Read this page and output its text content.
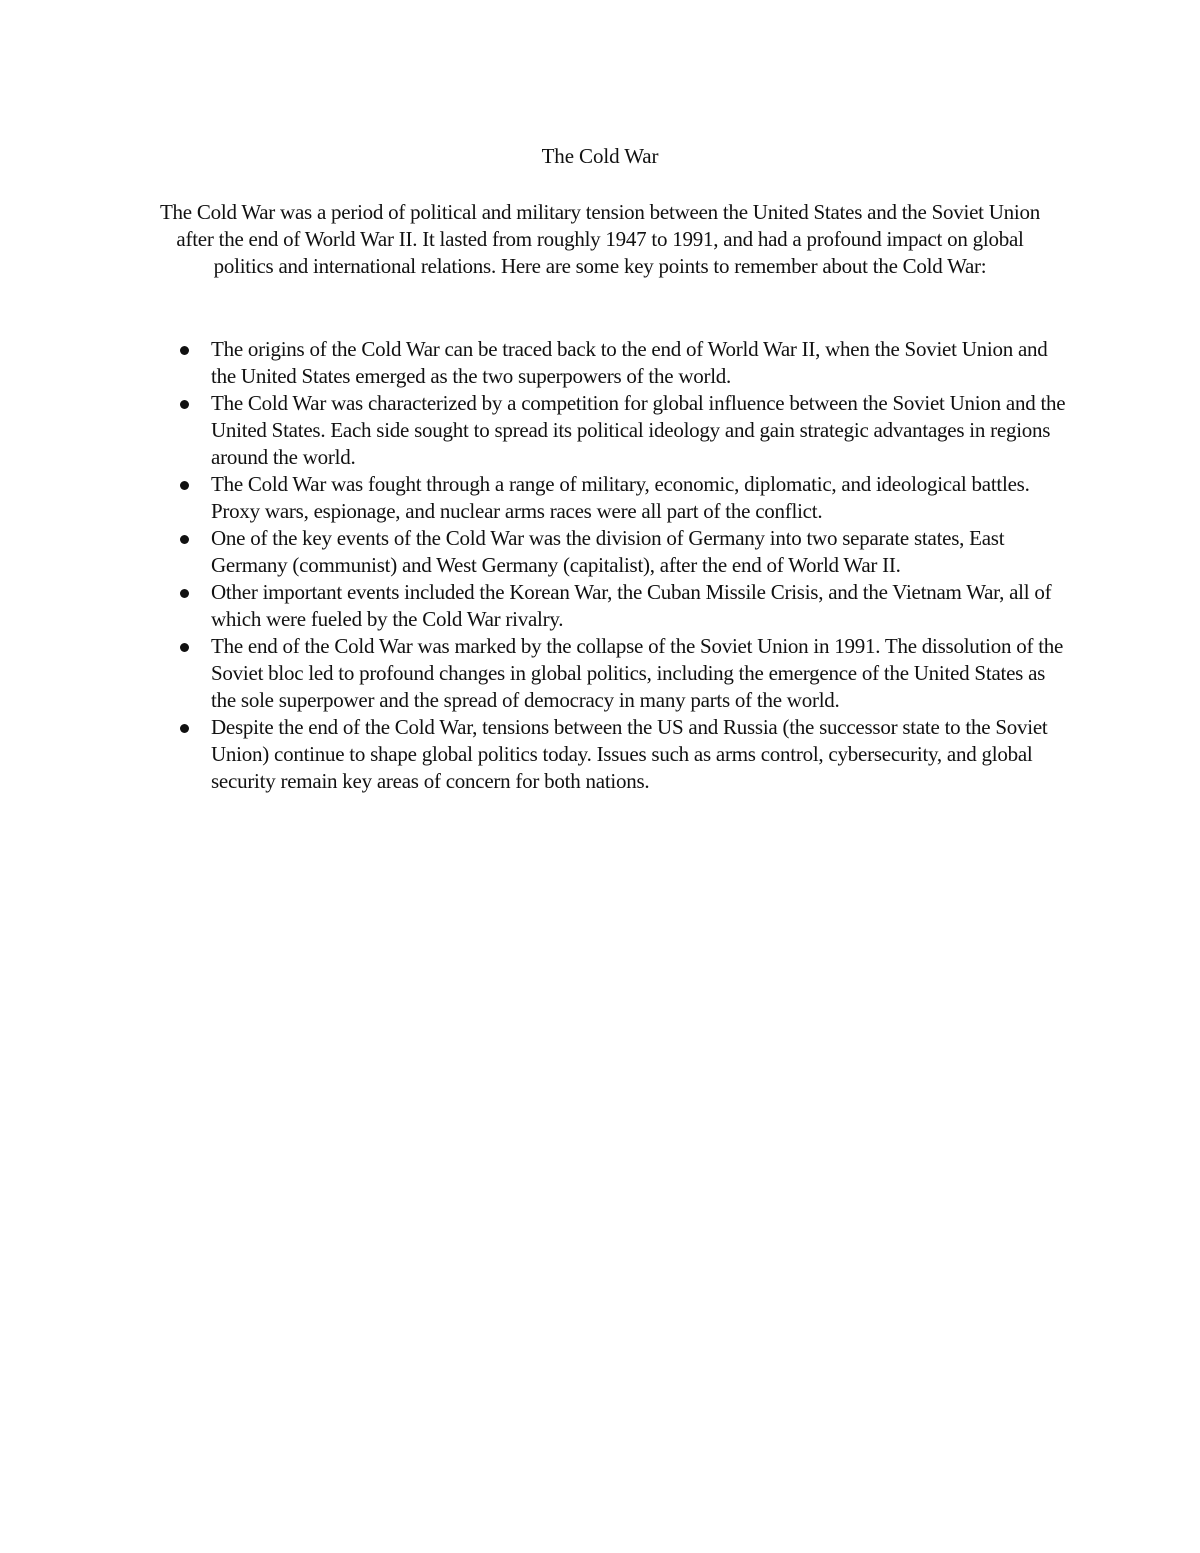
The Cold War

The Cold War was a period of political and military tension between the United States and the Soviet Union after the end of World War II. It lasted from roughly 1947 to 1991, and had a profound impact on global politics and international relations. Here are some key points to remember about the Cold War:

The origins of the Cold War can be traced back to the end of World War II, when the Soviet Union and the United States emerged as the two superpowers of the world.
The Cold War was characterized by a competition for global influence between the Soviet Union and the United States. Each side sought to spread its political ideology and gain strategic advantages in regions around the world.
The Cold War was fought through a range of military, economic, diplomatic, and ideological battles. Proxy wars, espionage, and nuclear arms races were all part of the conflict.
One of the key events of the Cold War was the division of Germany into two separate states, East Germany (communist) and West Germany (capitalist), after the end of World War II.
Other important events included the Korean War, the Cuban Missile Crisis, and the Vietnam War, all of which were fueled by the Cold War rivalry.
The end of the Cold War was marked by the collapse of the Soviet Union in 1991. The dissolution of the Soviet bloc led to profound changes in global politics, including the emergence of the United States as the sole superpower and the spread of democracy in many parts of the world.
Despite the end of the Cold War, tensions between the US and Russia (the successor state to the Soviet Union) continue to shape global politics today. Issues such as arms control, cybersecurity, and global security remain key areas of concern for both nations.
